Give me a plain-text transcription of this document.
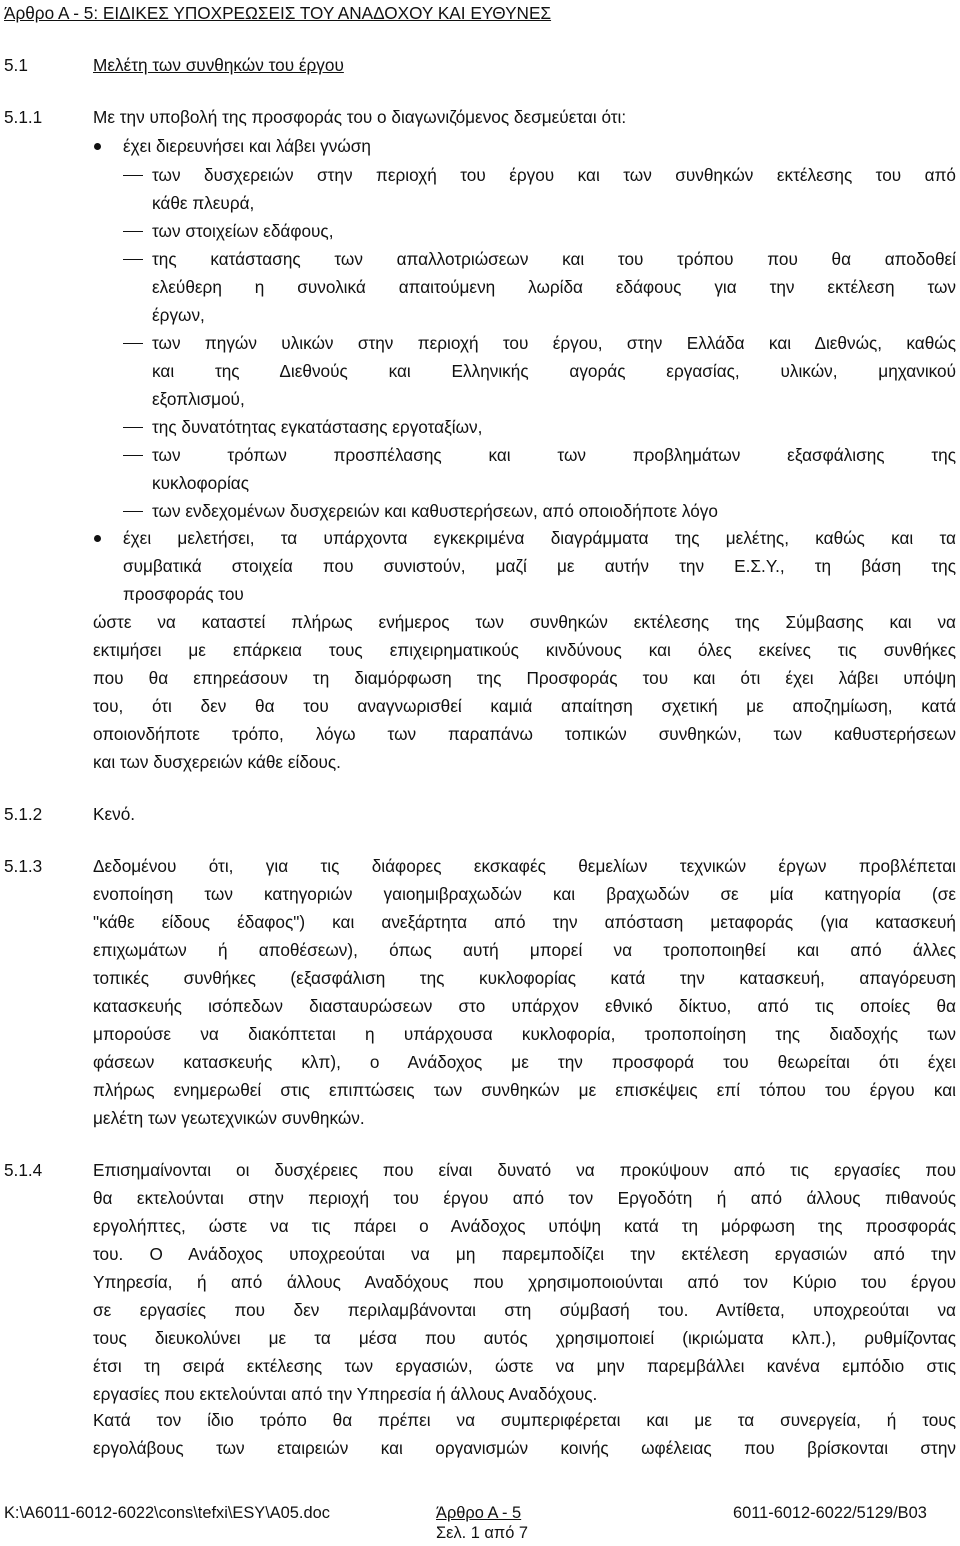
Άρθρο Α - 5: ΕΙΔΙΚΕΣ ΥΠΟΧΡΕΩΣΕΙΣ ΤΟΥ ΑΝΑΔΟΧΟΥ ΚΑΙ ΕΥΘΥΝΕΣ
5.1	Μελέτη των συνθηκών του έργου
5.1.1	Με την υποβολή της προσφοράς του ο διαγωνιζόμενος δεσμεύεται ότι:
έχει διερευνήσει και λάβει γνώση
των δυσχερειών στην περιοχή του έργου και των συνθηκών εκτέλεσης του από
κάθε πλευρά,
των στοιχείων εδάφους,
της κατάστασης των απαλλοτριώσεων και του τρόπου που θα αποδοθεί
ελεύθερη η συνολικά απαιτούμενη λωρίδα εδάφους για την εκτέλεση των
έργων,
των πηγών υλικών στην περιοχή του έργου, στην Ελλάδα και Διεθνώς, καθώς
και της Διεθνούς και Ελληνικής αγοράς εργασίας, υλικών, μηχανικού
εξοπλισμού,
της δυνατότητας εγκατάστασης εργοταξίων,
των τρόπων προσπέλασης και των προβλημάτων εξασφάλισης της
κυκλοφορίας
των ενδεχομένων δυσχερειών και καθυστερήσεων, από οποιοδήποτε λόγο
έχει μελετήσει, τα υπάρχοντα εγκεκριμένα διαγράμματα της μελέτης, καθώς και τα
συμβατικά στοιχεία που συνιστούν, μαζί με αυτήν την Ε.Σ.Υ., τη βάση της
προσφοράς του
ώστε να καταστεί πλήρως ενήμερος των συνθηκών εκτέλεσης της Σύμβασης και να
εκτιμήσει με επάρκεια τους επιχειρηματικούς κινδύνους και όλες εκείνες τις συνθήκες
που θα επηρεάσουν τη διαμόρφωση της Προσφοράς του και ότι έχει λάβει υπόψη
του, ότι δεν θα του αναγνωρισθεί καμιά απαίτηση σχετική με αποζημίωση, κατά
οποιονδήποτε τρόπο, λόγω των παραπάνω τοπικών συνθηκών, των καθυστερήσεων
και των δυσχερειών κάθε είδους.
5.1.2	Κενό.
5.1.3	Δεδομένου ότι, για τις διάφορες εκσκαφές θεμελίων τεχνικών έργων προβλέπεται
ενοποίηση των κατηγοριών γαιοημιβραχωδών και βραχωδών σε μία κατηγορία (σε
"κάθε είδους έδαφος") και ανεξάρτητα από την απόσταση μεταφοράς (για κατασκευή
επιχωμάτων ή αποθέσεων), όπως αυτή μπορεί να τροποποιηθεί και από άλλες
τοπικές συνθήκες (εξασφάλιση της κυκλοφορίας κατά την κατασκευή, απαγόρευση
κατασκευής ισόπεδων διασταυρώσεων στο υπάρχον εθνικό δίκτυο, από τις οποίες θα
μπορούσε να διακόπτεται η υπάρχουσα κυκλοφορία, τροποποίηση της διαδοχής των
φάσεων κατασκευής κλπ), ο Ανάδοχος με την προσφορά του θεωρείται ότι έχει
πλήρως ενημερωθεί στις επιπτώσεις των συνθηκών με επισκέψεις επί τόπου του έργου και
μελέτη των γεωτεχνικών συνθηκών.
5.1.4	Επισημαίνονται οι δυσχέρειες που είναι δυνατό να προκύψουν από τις εργασίες που
θα εκτελούνται στην περιοχή του έργου από τον Εργοδότη ή από άλλους πιθανούς
εργολήπτες, ώστε να τις πάρει ο Ανάδοχος υπόψη κατά τη μόρφωση της προσφοράς
του. Ο Ανάδοχος υποχρεούται να μη παρεμποδίζει την εκτέλεση εργασιών από την
Υπηρεσία, ή από άλλους Αναδόχους που χρησιμοποιούνται από τον Κύριο του έργου
σε εργασίες που δεν περιλαμβάνονται στη σύμβασή του. Αντίθετα, υποχρεούται να
τους διευκολύνει με τα μέσα που αυτός χρησιμοποιεί (ικριώματα κλπ.), ρυθμίζοντας
έτσι τη σειρά εκτέλεσης των εργασιών, ώστε να μην παρεμβάλλει κανένα εμπόδιο στις
εργασίες που εκτελούνται από την Υπηρεσία ή άλλους Αναδόχους.
Κατά τον ίδιο τρόπο θα πρέπει να συμπεριφέρεται και με τα συνεργεία, ή τους
εργολάβους των εταιρειών και οργανισμών κοινής ωφέλειας που βρίσκονται στην
K:\A6011-6012-6022\cons\tefxi\ESY\A05.doc	Άρθρο Α - 5
Σελ. 1 από 7
6011-6012-6022/5129/B03
